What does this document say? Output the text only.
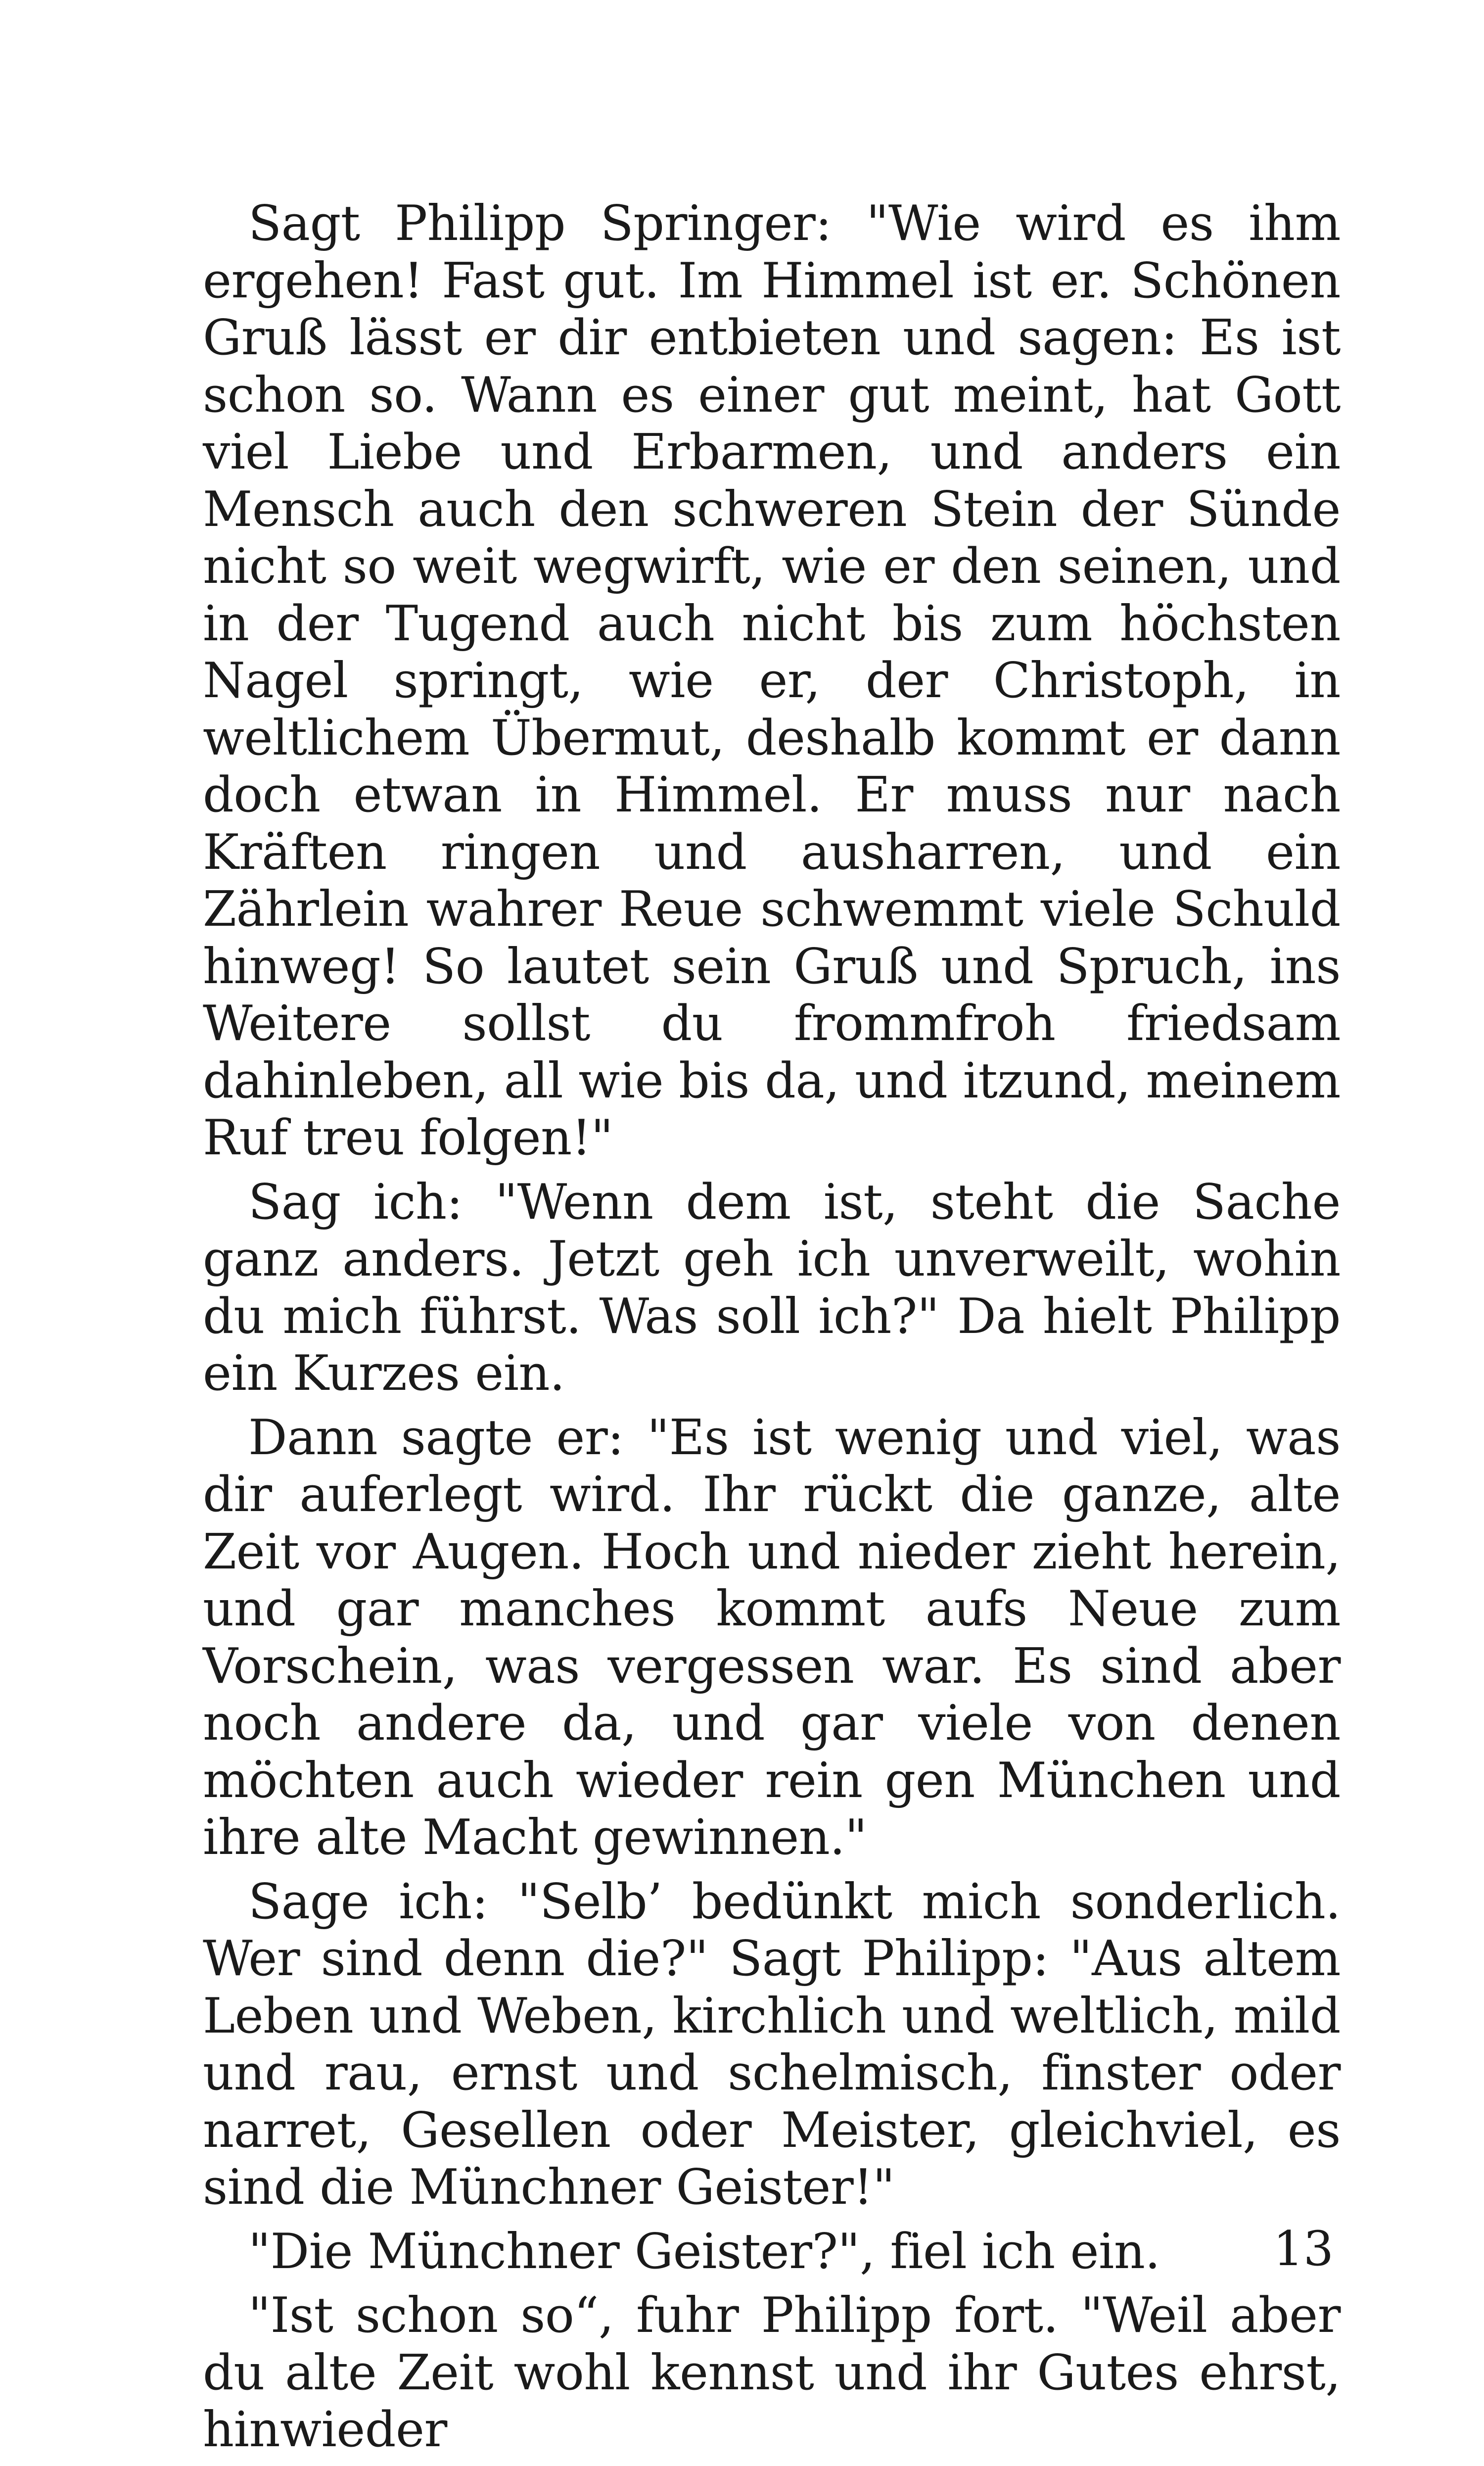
Sagt Philipp Springer: "Wie wird es ihm ergehen! Fast gut. Im Himmel ist er. Schönen Gruß lässt er dir entbieten und sagen: Es ist schon so. Wann es einer gut meint, hat Gott viel Liebe und Erbarmen, und anders ein Mensch auch den schweren Stein der Sünde nicht so weit wegwirft, wie er den seinen, und in der Tugend auch nicht bis zum höchsten Nagel springt, wie er, der Christoph, in weltlichem Übermut, deshalb kommt er dann doch etwan in Himmel. Er muss nur nach Kräften ringen und ausharren, und ein Zährlein wahrer Reue schwemmt viele Schuld hinweg! So lautet sein Gruß und Spruch, ins Weitere sollst du frommfroh friedsam dahinleben, all wie bis da, und itzund, meinem Ruf treu folgen!"

Sag ich: "Wenn dem ist, steht die Sache ganz anders. Jetzt geh ich unverweilt, wohin du mich führst. Was soll ich?" Da hielt Philipp ein Kurzes ein.

Dann sagte er: "Es ist wenig und viel, was dir auferlegt wird. Ihr rückt die ganze, alte Zeit vor Augen. Hoch und nieder zieht herein, und gar manches kommt aufs Neue zum Vorschein, was vergessen war. Es sind aber noch andere da, und gar viele von denen möchten auch wieder rein gen München und ihre alte Macht gewinnen."

Sage ich: "Selb’ bedünkt mich sonderlich. Wer sind denn die?" Sagt Philipp: "Aus altem Leben und Weben, kirchlich und weltlich, mild und rau, ernst und schelmisch, finster oder narret, Gesellen oder Meister, gleichviel, es sind die Münchner Geister!"

"Die Münchner Geister?", fiel ich ein.

"Ist schon so“, fuhr Philipp fort. "Weil aber du alte Zeit wohl kennst und ihr Gutes ehrst, hinwieder

13
